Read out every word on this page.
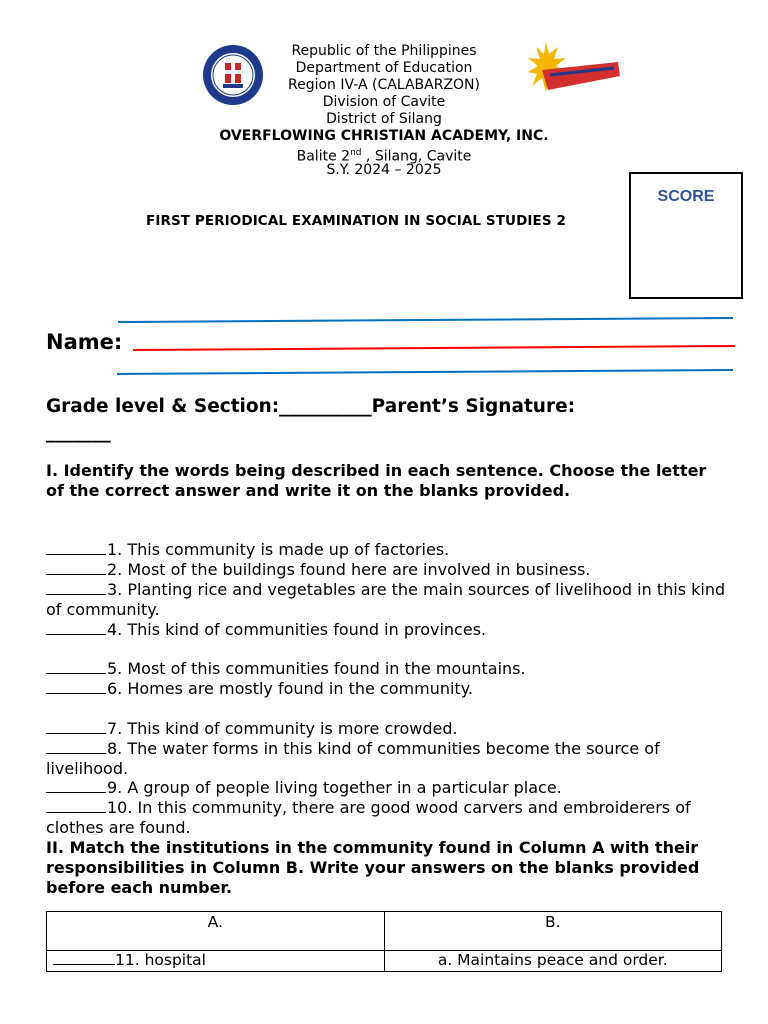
Republic of the Philippines
Department of Education
Region IV-A (CALABARZON)
Division of Cavite
District of Silang
OVERFLOWING CHRISTIAN ACADEMY, INC.
Balite 2nd , Silang, Cavite
S.Y. 2024 – 2025
FIRST PERIODICAL EXAMINATION IN SOCIAL STUDIES 2
SCORE
Name:
Grade level & Section:__________Parent’s Signature:
_______
I. Identify the words being described in each sentence. Choose the letter of the correct answer and write it on the blanks provided.
1. This community is made up of factories.
2. Most of the buildings found here are involved in business.
3. Planting rice and vegetables are the main sources of livelihood in this kind of community.
4. This kind of communities found in provinces.
5. Most of this communities found in the mountains.
6. Homes are mostly found in the community.
7. This kind of community is more crowded.
8. The water forms in this kind of communities become the source of livelihood.
9. A group of people living together in a particular place.
10. In this community, there are good wood carvers and embroiderers of clothes are found.
II. Match the institutions in the community found in Column A with their responsibilities in Column B. Write your answers on the blanks provided before each number.
A.	B.
11. hospital	a. Maintains peace and order.
